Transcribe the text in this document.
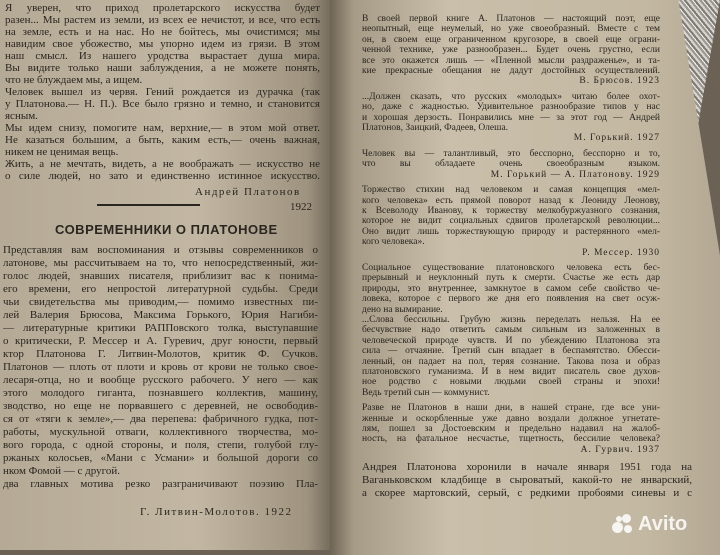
Я уверен, что приход пролетарского искусства будет
разен... Мы растем из земли, из всех ее нечистот, и все, что есть
на земле, есть и на нас. Но не бойтесь, мы очистимся; мы
навидим свое убожество, мы упорно идем из грязи. В этом
наш смысл. Из нашего уродства вырастает душа мира.
Вы видите только наши заблуждения, а не можете понять,
что не блуждаем мы, а ищем.
Человек вышел из червя. Гений рождается из дурачка (так
у Платонова.— Н. П.). Все было грязно и темно, и становится
ясным.
Мы идем снизу, помогите нам, верхние,— в этом мой ответ.
Не казаться большим, а быть, каким есть,— очень важная,
никем не ценимая вещь.
Жить, а не мечтать, видеть, а не воображать — искусство не
о силе людей, но зато и единственно истинное искусство.
Андрей Платонов
1922
СОВРЕМЕННИКИ О ПЛАТОНОВЕ
Представляя вам воспоминания и отзывы современников о
латонове, мы рассчитываем на то, что непосредственный, жи-
голос людей, знавших писателя, приблизит вас к понима-
его времени, его непростой литературной судьбы. Среди
чьи свидетельства мы приводим,— помимо известных пи-
лей Валерия Брюсова, Максима Горького, Юрия Нагиби-
— литературные критики РАППовского толка, выступавшие
о критически, Р. Мессер и А. Гуревич, друг юности, первый
ктор Платонова Г. Литвин-Молотов, критик Ф. Сучков.
Платонов — плоть от плоти и кровь от крови не только свое-
лесаря-отца, но и вообще русского рабочего. У него — как
этого молодого гиганта, познавшего коллектив, машину,
зводство, но еще не порвавшего с деревней, не освободив-
ся от «тяги к земле»,— два перепева: фабричного гудка, пот-
работы, мускульной отваги, коллективного творчества, мо-
вого города, с одной стороны, и поля, степи, голубой глу-
ржаных колосьев, «Мани с Усмани» и большой дороги со
нком Фомой — с другой.
два главных мотива резко разграничивают поэзию Пла-
Г. Литвин-Молотов. 1922
В своей первой книге А. Платонов — настоящий поэт, еще
неопытный, еще неумелый, но уже своеобразный. Вместе с тем
он, в своем еще ограниченном кругозоре, в своей еще ограни-
ченной технике, уже разнообразен... Будет очень грустно, если
все это окажется лишь — «Пленной мысли раздраженье», и та-
кие прекрасные обещания не дадут достойных осуществлений.
В. Брюсов. 1923
...Должен сказать, что русских «молодых» читаю более охот-
но, даже с жадностью. Удивительное разнообразие типов у нас
и хорошая дерзость. Понравились мне — за этот год — Андрей
Платонов, Заицкий, Фадеев, Олеша.
М. Горький. 1927
Человек вы — талантливый, это бесспорно, бесспорно и то,
что вы обладаете очень своеобразным языком.
М. Горький — А. Платонову. 1929
Торжество стихии над человеком и самая концепция «мел-
кого человека» есть прямой поворот назад к Леониду Леонову,
к Всеволоду Иванову, к торжеству мелкобуржуазного сознания,
которое не видит социальных сдвигов пролетарской революции...
Оно видит лишь торжествующую природу и растерянного «мел-
кого человека».
Р. Мессер. 1930
Социальное существование платоновского человека есть бес-
прерывный и неуклонный путь к смерти. Счастье же есть дар
природы, это внутреннее, замкнутое в самом себе свойство че-
ловека, которое с первого же дня его появления на свет осуж-
дено на вымирание.
...Слова бессильны. Грубую жизнь переделать нельзя. На ее
бесчувствие надо ответить самым сильным из заложенных в
человеческой природе чувств. И по убеждению Платонова эта
сила — отчаяние. Третий сын впадает в беспамятство. Обесси-
ленный, он падает на пол, теряя сознание. Такова поза и образ
платоновского гуманизма. И в нем видит писатель свое духов-
ное родство с новыми людьми своей страны и эпохи!
Ведь третий сын — коммунист.
Разве не Платонов в наши дни, в нашей стране, где все уни-
женные и оскорбленные уже давно воздали должное угнетате-
лям, пошел за Достоевским и предельно надавил на жалоб-
ность, на фатальное несчастье, тщетность, бессилие человека?
А. Гурвич. 1937
Андрея Платонова хоронили в начале января 1951 года на
Ваганьковском кладбище в сыроватый, какой-то не январский,
а скорее мартовский, серый, с редкими пробоями синевы и с
Avito
